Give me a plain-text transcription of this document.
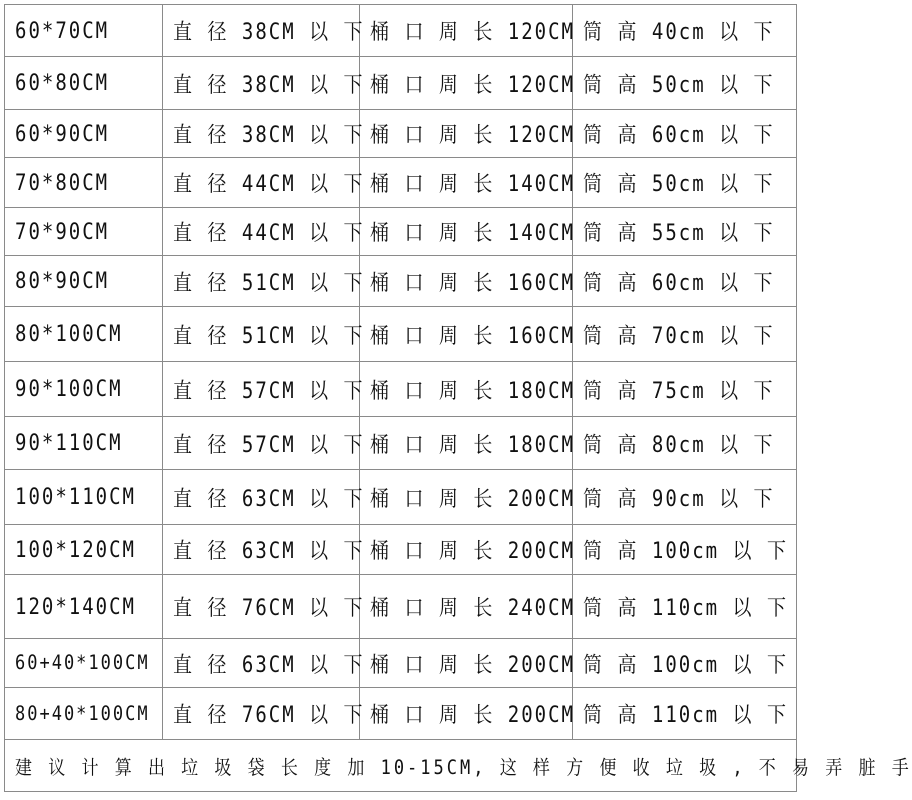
60*70CM	直 径 38CM 以 下	桶 口 周 长 120CM	筒 高 40cm 以 下
60*80CM	直 径 38CM 以 下	桶 口 周 长 120CM	筒 高 50cm 以 下
60*90CM	直 径 38CM 以 下	桶 口 周 长 120CM	筒 高 60cm 以 下
70*80CM	直 径 44CM 以 下	桶 口 周 长 140CM	筒 高 50cm 以 下
70*90CM	直 径 44CM 以 下	桶 口 周 长 140CM	筒 高 55cm 以 下
80*90CM	直 径 51CM 以 下	桶 口 周 长 160CM	筒 高 60cm 以 下
80*100CM	直 径 51CM 以 下	桶 口 周 长 160CM	筒 高 70cm 以 下
90*100CM	直 径 57CM 以 下	桶 口 周 长 180CM	筒 高 75cm 以 下
90*110CM	直 径 57CM 以 下	桶 口 周 长 180CM	筒 高 80cm 以 下
100*110CM	直 径 63CM 以 下	桶 口 周 长 200CM	筒 高 90cm 以 下
100*120CM	直 径 63CM 以 下	桶 口 周 长 200CM	筒 高 100cm 以 下
120*140CM	直 径 76CM 以 下	桶 口 周 长 240CM	筒 高 110cm 以 下
60+40*100CM	直 径 63CM 以 下	桶 口 周 长 200CM	筒 高 100cm 以 下
80+40*100CM	直 径 76CM 以 下	桶 口 周 长 200CM	筒 高 110cm 以 下
建 议 计 算 出 垃 圾 袋 长 度 加 10-15CM, 这 样 方 便 收 垃 圾 , 不 易 弄 脏 手			
